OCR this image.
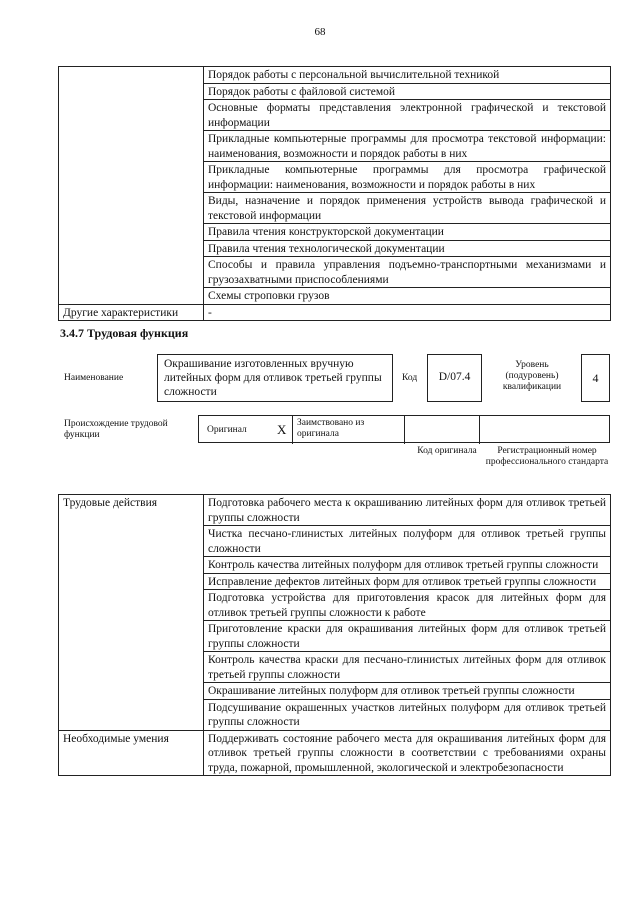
68
	Порядок работы с персональной вычислительной техникой
	Порядок работы с файловой системой
	Основные форматы представления электронной графической и текстовой информации
	Прикладные компьютерные программы для просмотра текстовой информации: наименования, возможности и порядок работы в них
	Прикладные компьютерные программы для просмотра графической информации: наименования, возможности и порядок работы в них
	Виды, назначение и порядок применения устройств вывода графической и текстовой информации
	Правила чтения конструкторской документации
	Правила чтения технологической документации
	Способы и правила управления подъемно-транспортными механизмами и грузозахватными приспособлениями
	Схемы строповки грузов
Другие характеристики	-
3.4.7 Трудовая функция
Наименование
Окрашивание изготовленных вручную литейных форм для отливок третьей группы сложности
Код	D/07.4
Уровень (подуровень) квалификации
4
Происхождение трудовой функции	Оригинал X Заимствовано из оригинала
Код оригинала	Регистрационный номер профессионального стандарта
Трудовые действия	Подготовка рабочего места к окрашиванию литейных форм для отливок третьей группы сложности
	Чистка песчано-глинистых литейных полуформ для отливок третьей группы сложности
	Контроль качества литейных полуформ для отливок третьей группы сложности
	Исправление дефектов литейных форм для отливок третьей группы сложности
	Подготовка устройства для приготовления красок для литейных форм для отливок третьей группы сложности к работе
	Приготовление краски для окрашивания литейных форм для отливок третьей группы сложности
	Контроль качества краски для песчано-глинистых литейных форм для отливок третьей группы сложности
	Окрашивание литейных полуформ для отливок третьей группы сложности
	Подсушивание окрашенных участков литейных полуформ для отливок третьей группы сложности
Необходимые умения	Поддерживать состояние рабочего места для окрашивания литейных форм для отливок третьей группы сложности в соответствии с требованиями охраны труда, пожарной, промышленной, экологической и электробезопасности
